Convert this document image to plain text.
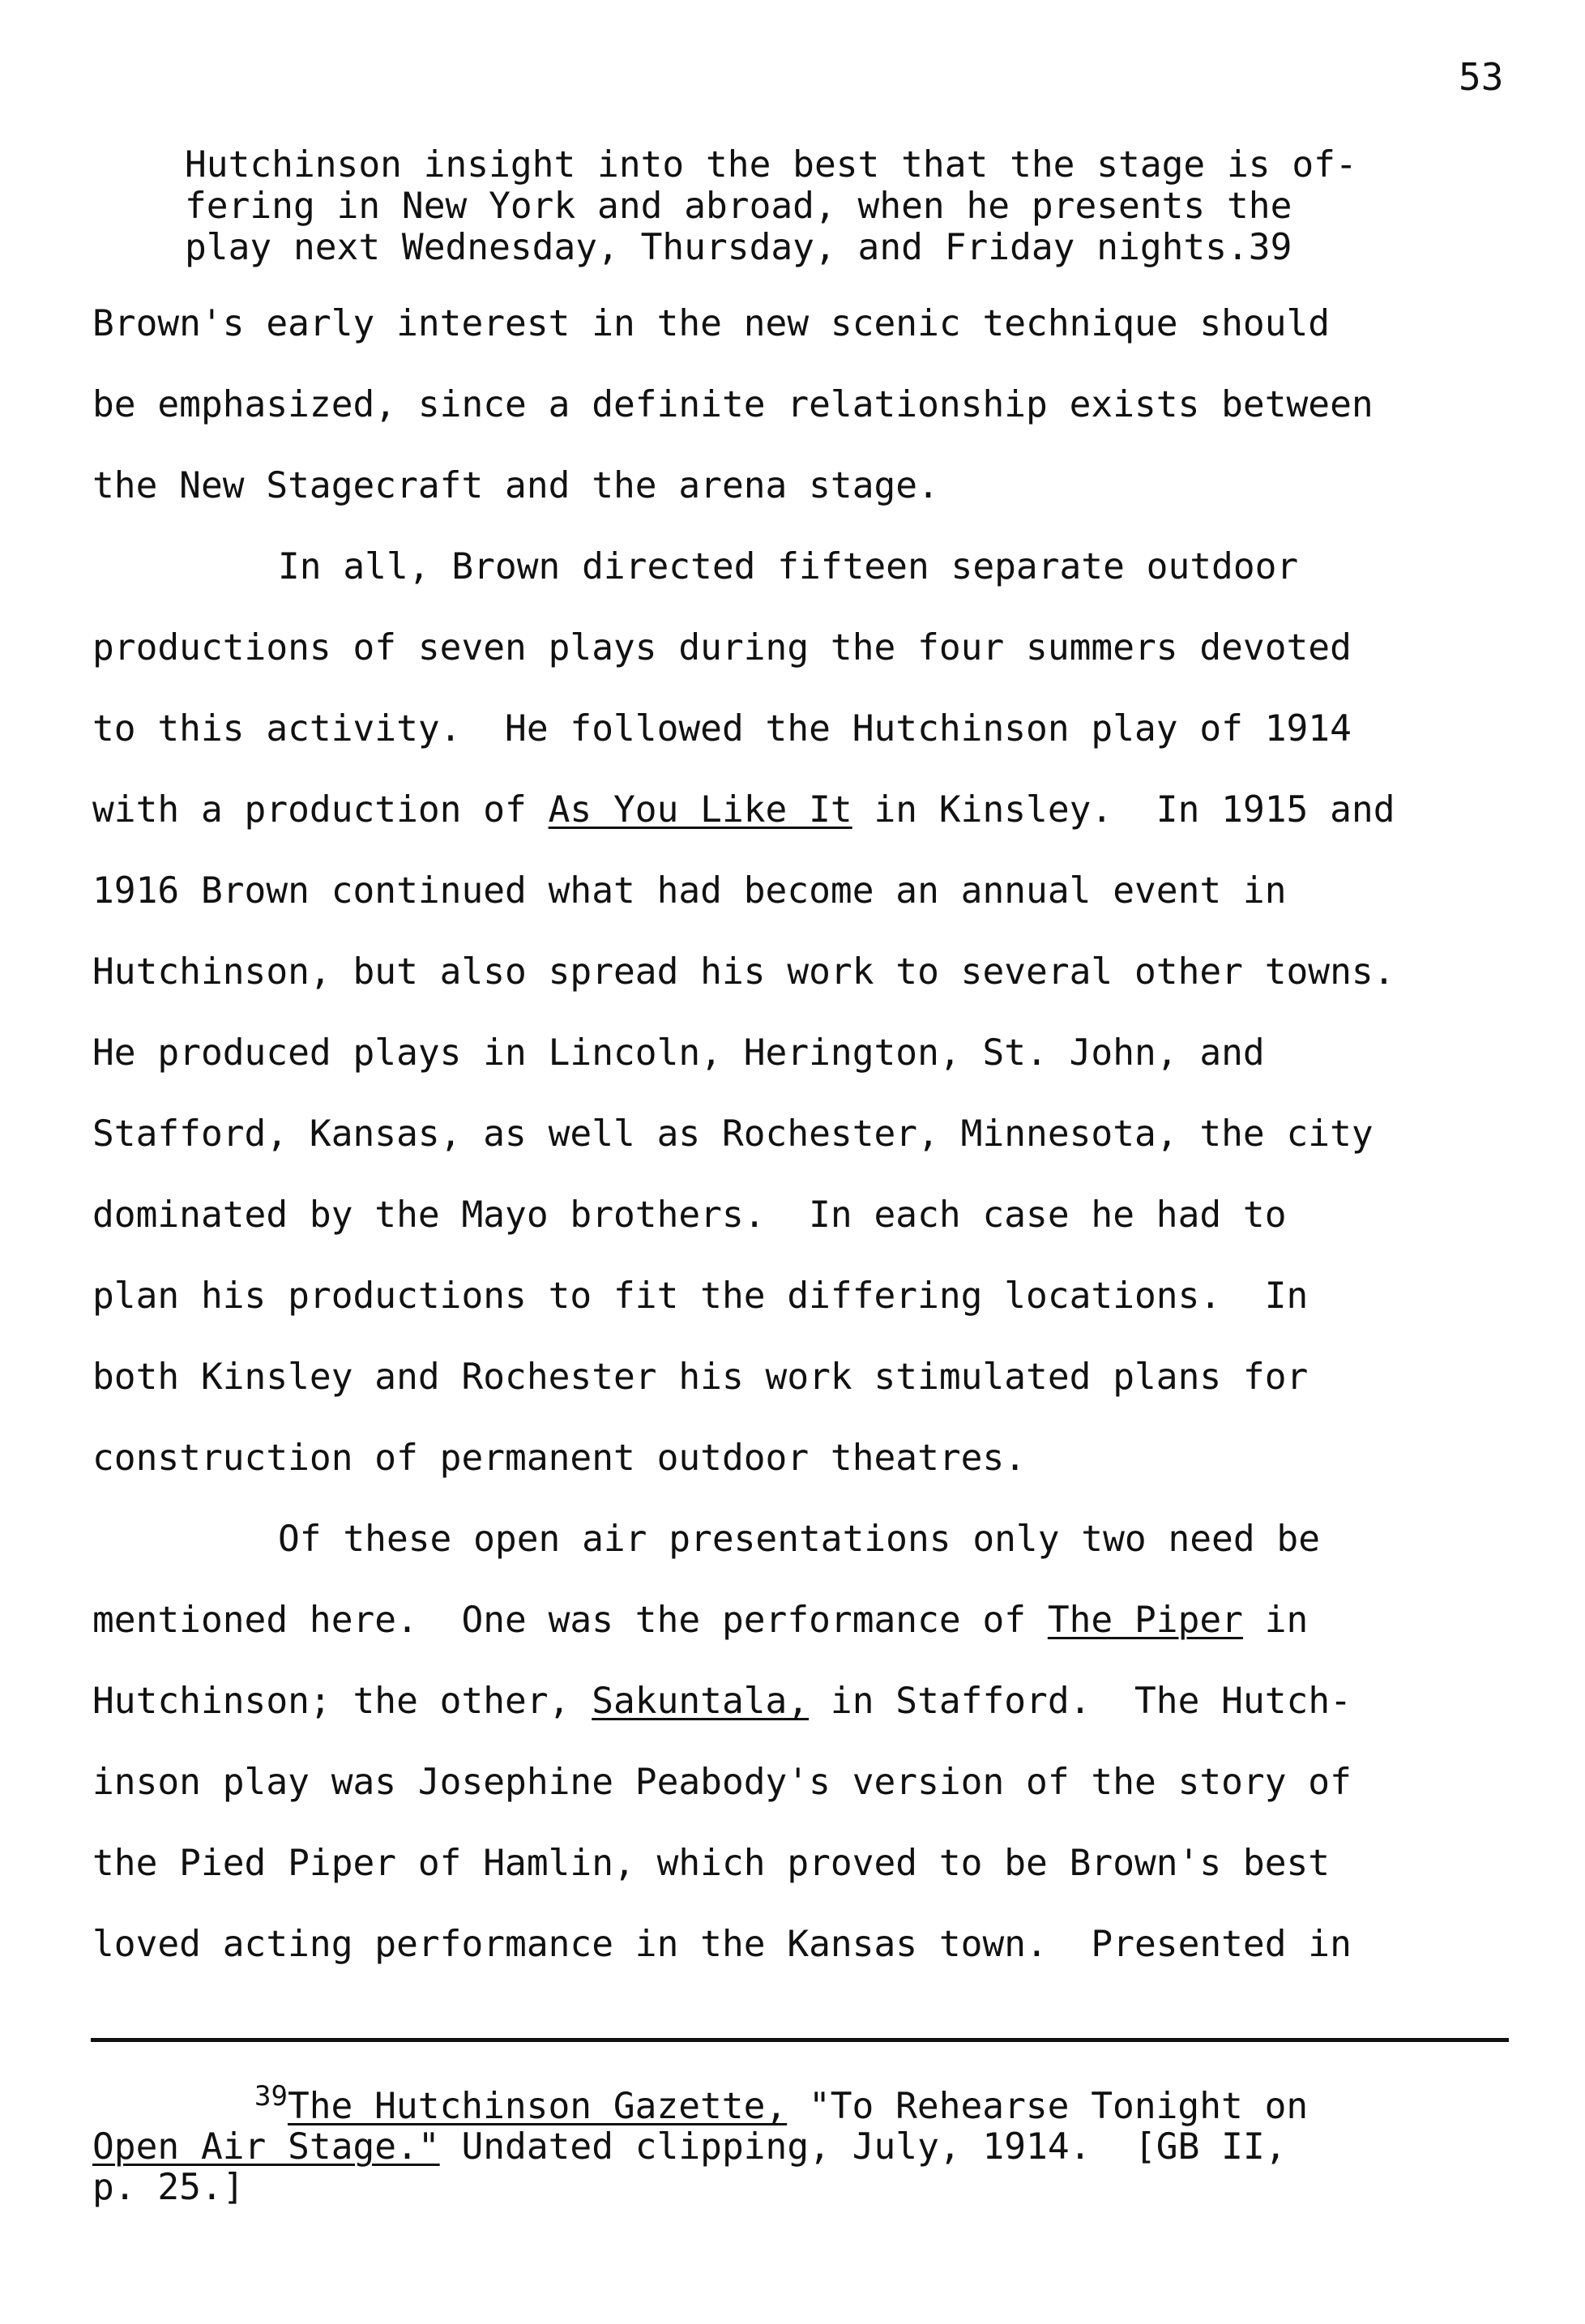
53
Hutchinson insight into the best that the stage is of-
fering in New York and abroad, when he presents the
play next Wednesday, Thursday, and Friday nights.39
Brown's early interest in the new scenic technique should
be emphasized, since a definite relationship exists between
the New Stagecraft and the arena stage.
In all, Brown directed fifteen separate outdoor
productions of seven plays during the four summers devoted
to this activity.  He followed the Hutchinson play of 1914
with a production of As You Like It in Kinsley.  In 1915 and
1916 Brown continued what had become an annual event in
Hutchinson, but also spread his work to several other towns.
He produced plays in Lincoln, Herington, St. John, and
Stafford, Kansas, as well as Rochester, Minnesota, the city
dominated by the Mayo brothers.  In each case he had to
plan his productions to fit the differing locations.  In
both Kinsley and Rochester his work stimulated plans for
construction of permanent outdoor theatres.
Of these open air presentations only two need be
mentioned here.  One was the performance of The Piper in
Hutchinson; the other, Sakuntala, in Stafford.  The Hutch-
inson play was Josephine Peabody's version of the story of
the Pied Piper of Hamlin, which proved to be Brown's best
loved acting performance in the Kansas town.  Presented in
$^{39}$The Hutchinson Gazette, "To Rehearse Tonight on
Open Air Stage." Undated clipping, July, 1914.  [GB II,
p. 25.]
